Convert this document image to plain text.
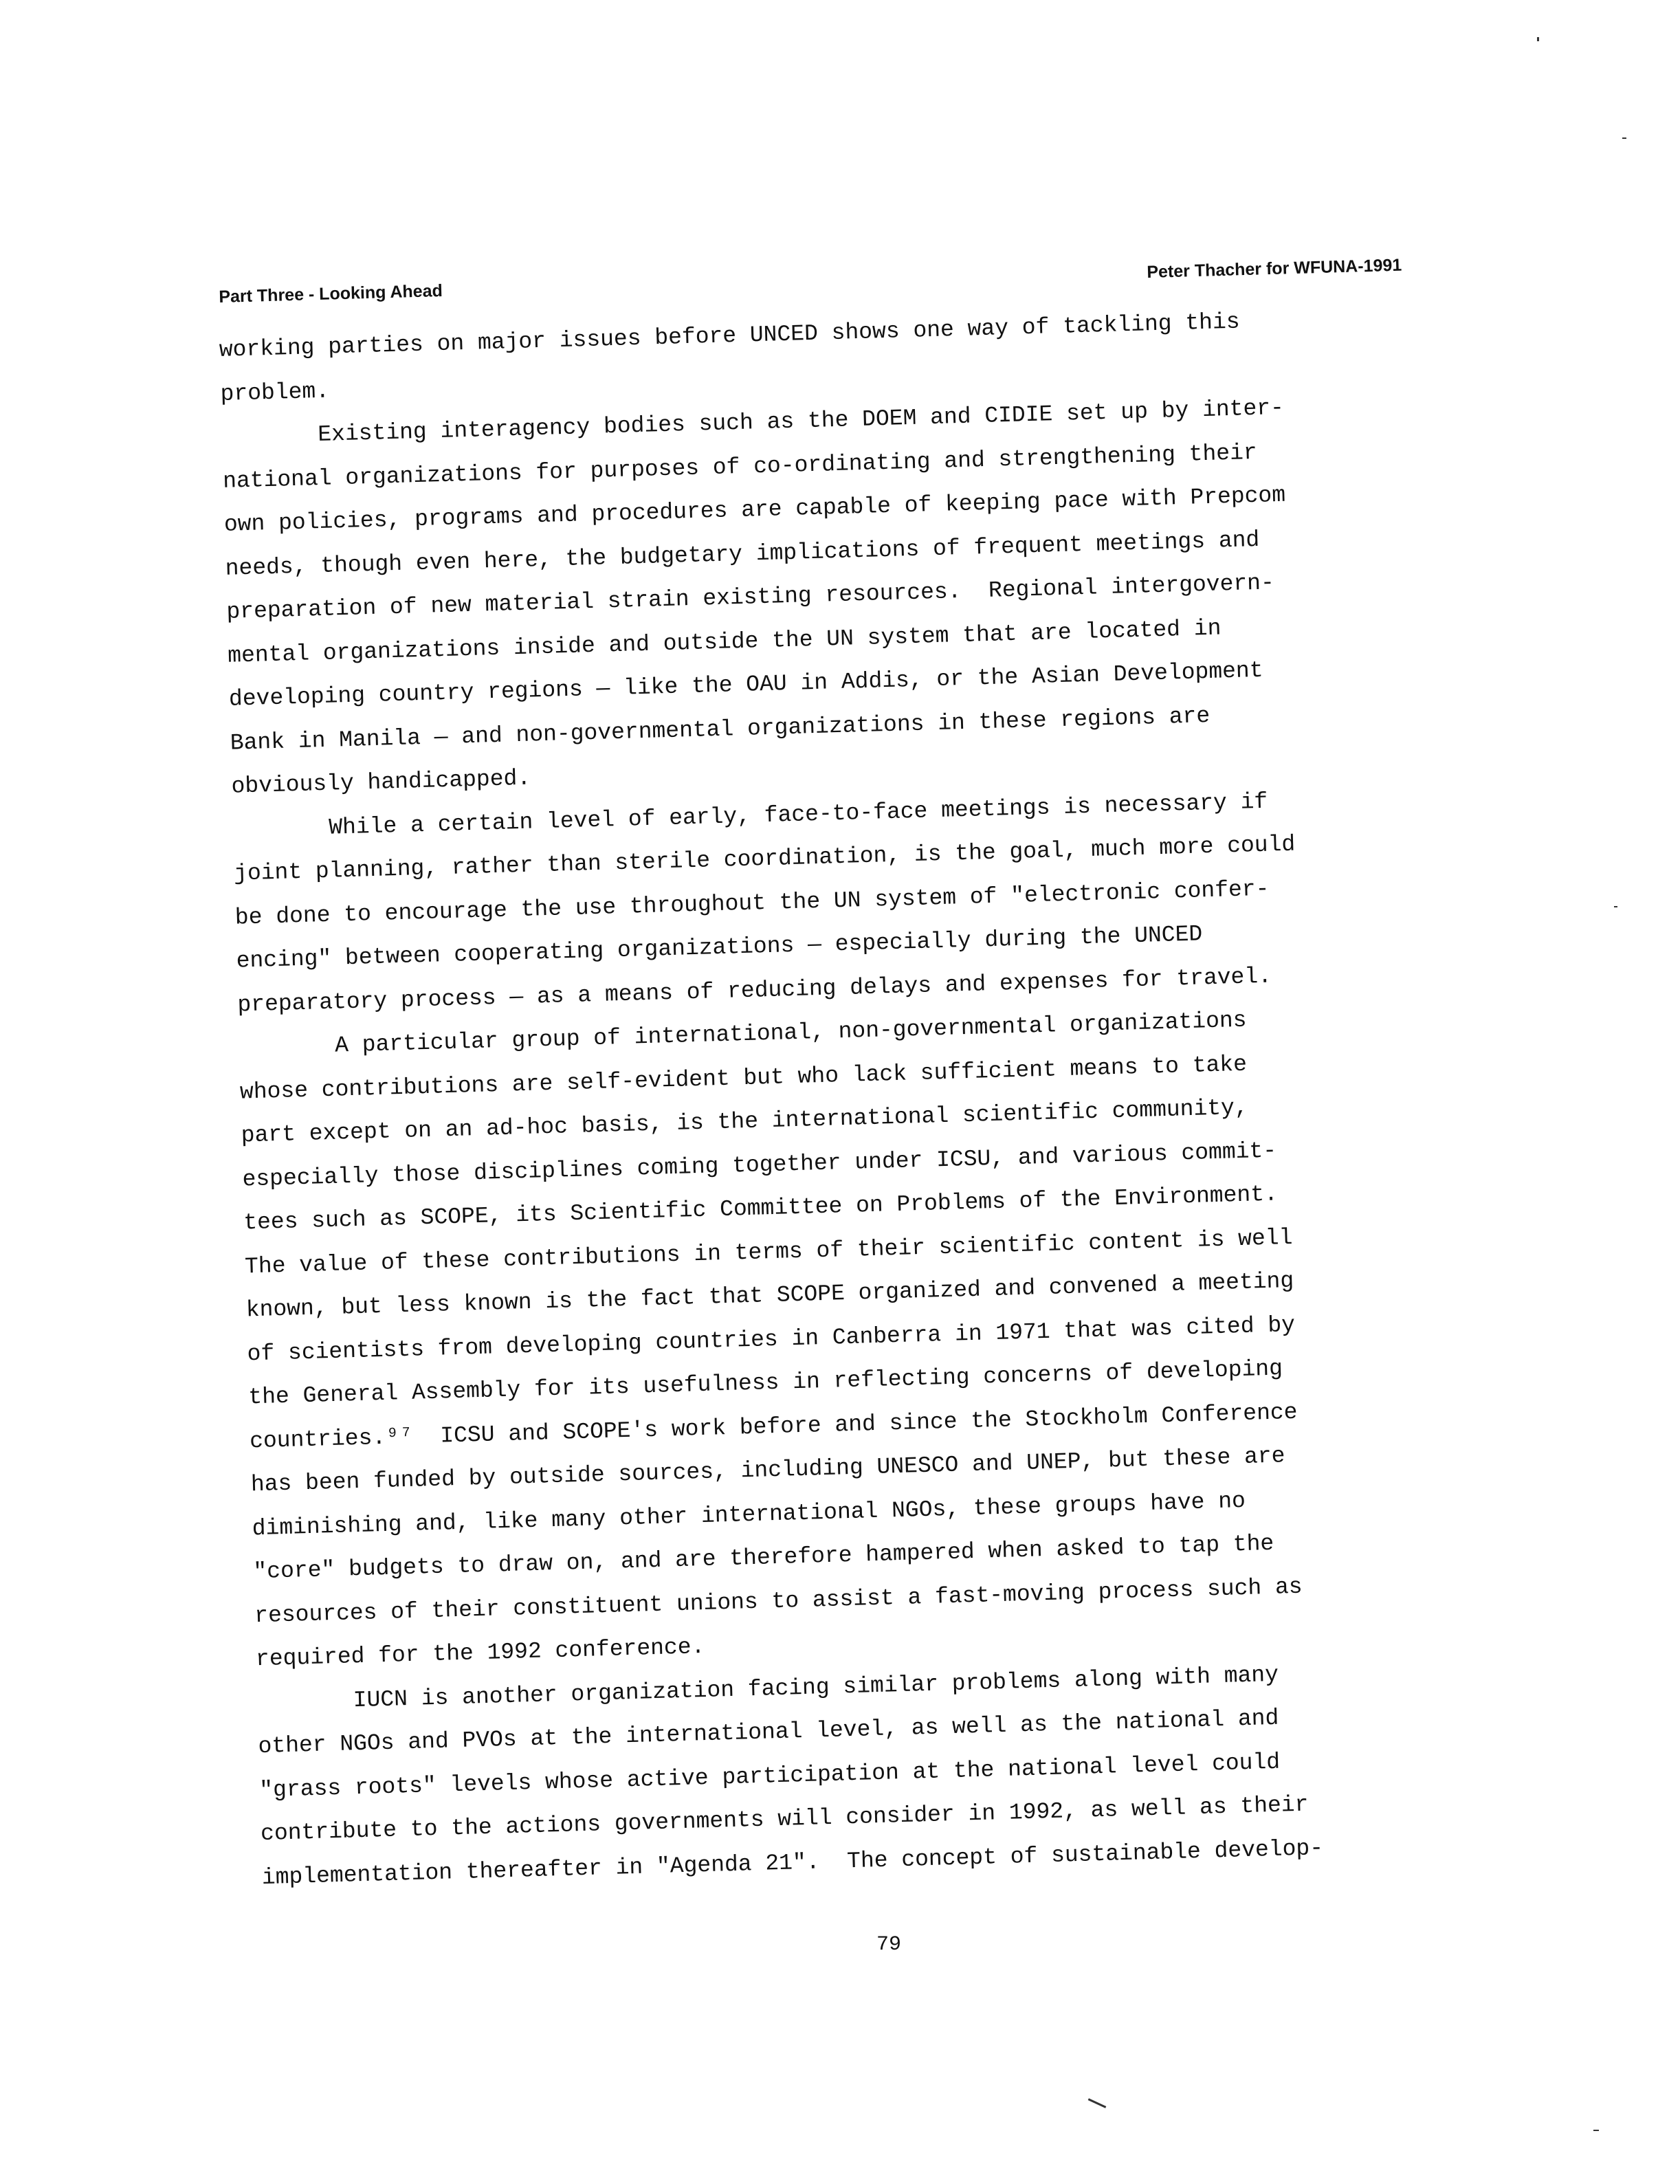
Part Three - Looking Ahead
Peter Thacher for WFUNA-1991
working parties on major issues before UNCED shows one way of tackling this
problem.
Existing interagency bodies such as the DOEM and CIDIE set up by inter-
national organizations for purposes of co-ordinating and strengthening their
own policies, programs and procedures are capable of keeping pace with Prepcom
needs, though even here, the budgetary implications of frequent meetings and
preparation of new material strain existing resources.  Regional intergovern-
mental organizations inside and outside the UN system that are located in
developing country regions — like the OAU in Addis, or the Asian Development
Bank in Manila — and non-governmental organizations in these regions are
obviously handicapped.
While a certain level of early, face-to-face meetings is necessary if
joint planning, rather than sterile coordination, is the goal, much more could
be done to encourage the use throughout the UN system of "electronic confer-
encing" between cooperating organizations — especially during the UNCED
preparatory process — as a means of reducing delays and expenses for travel.
A particular group of international, non-governmental organizations
whose contributions are self-evident but who lack sufficient means to take
part except on an ad-hoc basis, is the international scientific community,
especially those disciplines coming together under ICSU, and various commit-
tees such as SCOPE, its Scientific Committee on Problems of the Environment.
The value of these contributions in terms of their scientific content is well
known, but less known is the fact that SCOPE organized and convened a meeting
of scientists from developing countries in Canberra in 1971 that was cited by
the General Assembly for its usefulness in reflecting concerns of developing
countries.⁹⁷  ICSU and SCOPE's work before and since the Stockholm Conference
has been funded by outside sources, including UNESCO and UNEP, but these are
diminishing and, like many other international NGOs, these groups have no
"core" budgets to draw on, and are therefore hampered when asked to tap the
resources of their constituent unions to assist a fast-moving process such as
required for the 1992 conference.
IUCN is another organization facing similar problems along with many
other NGOs and PVOs at the international level, as well as the national and
"grass roots" levels whose active participation at the national level could
contribute to the actions governments will consider in 1992, as well as their
implementation thereafter in "Agenda 21".  The concept of sustainable develop-
79
